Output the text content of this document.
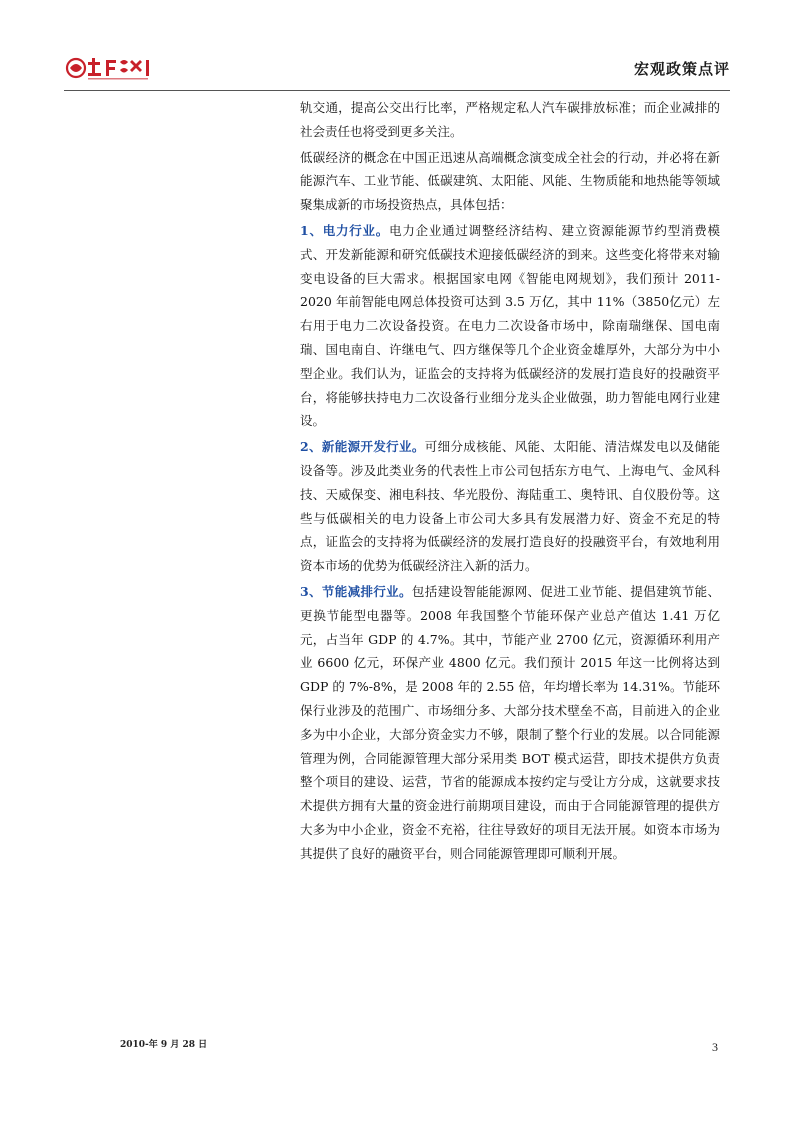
宏观政策点评

轨交通，提高公交出行比率，严格规定私人汽车碳排放标准；而企业减排的社会责任也将受到更多关注。

低碳经济的概念在中国正迅速从高端概念演变成全社会的行动，并必将在新能源汽车、工业节能、低碳建筑、太阳能、风能、生物质能和地热能等领域聚集成新的市场投资热点，具体包括：

1、电力行业。电力企业通过调整经济结构、建立资源能源节约型消费模式、开发新能源和研究低碳技术迎接低碳经济的到来。这些变化将带来对输变电设备的巨大需求。根据国家电网《智能电网规划》，我们预计 2011-2020 年前智能电网总体投资可达到 3.5 万亿，其中 11%（3850亿元）左右用于电力二次设备投资。在电力二次设备市场中，除南瑞继保、国电南瑞、国电南自、许继电气、四方继保等几个企业资金雄厚外，大部分为中小型企业。我们认为，证监会的支持将为低碳经济的发展打造良好的投融资平台，将能够扶持电力二次设备行业细分龙头企业做强，助力智能电网行业建设。

2、新能源开发行业。可细分成核能、风能、太阳能、清洁煤发电以及储能设备等。涉及此类业务的代表性上市公司包括东方电气、上海电气、金风科技、天威保变、湘电科技、华光股份、海陆重工、奥特讯、自仪股份等。这些与低碳相关的电力设备上市公司大多具有发展潜力好、资金不充足的特点，证监会的支持将为低碳经济的发展打造良好的投融资平台，有效地利用资本市场的优势为低碳经济注入新的活力。

3、节能减排行业。包括建设智能能源网、促进工业节能、提倡建筑节能、更换节能型电器等。2008 年我国整个节能环保产业总产值达 1.41 万亿元，占当年 GDP 的 4.7%。其中，节能产业 2700 亿元，资源循环利用产业 6600 亿元，环保产业 4800 亿元。我们预计 2015 年这一比例将达到 GDP 的 7%-8%，是 2008 年的 2.55 倍，年均增长率为 14.31%。节能环保行业涉及的范围广、市场细分多、大部分技术壁垒不高，目前进入的企业多为中小企业，大部分资金实力不够，限制了整个行业的发展。以合同能源管理为例，合同能源管理大部分采用类 BOT 模式运营，即技术提供方负责整个项目的建设、运营，节省的能源成本按约定与受让方分成，这就要求技术提供方拥有大量的资金进行前期项目建设，而由于合同能源管理的提供方大多为中小企业，资金不充裕，往往导致好的项目无法开展。如资本市场为其提供了良好的融资平台，则合同能源管理即可顺利开展。

2010-年 9 月 28 日	3
